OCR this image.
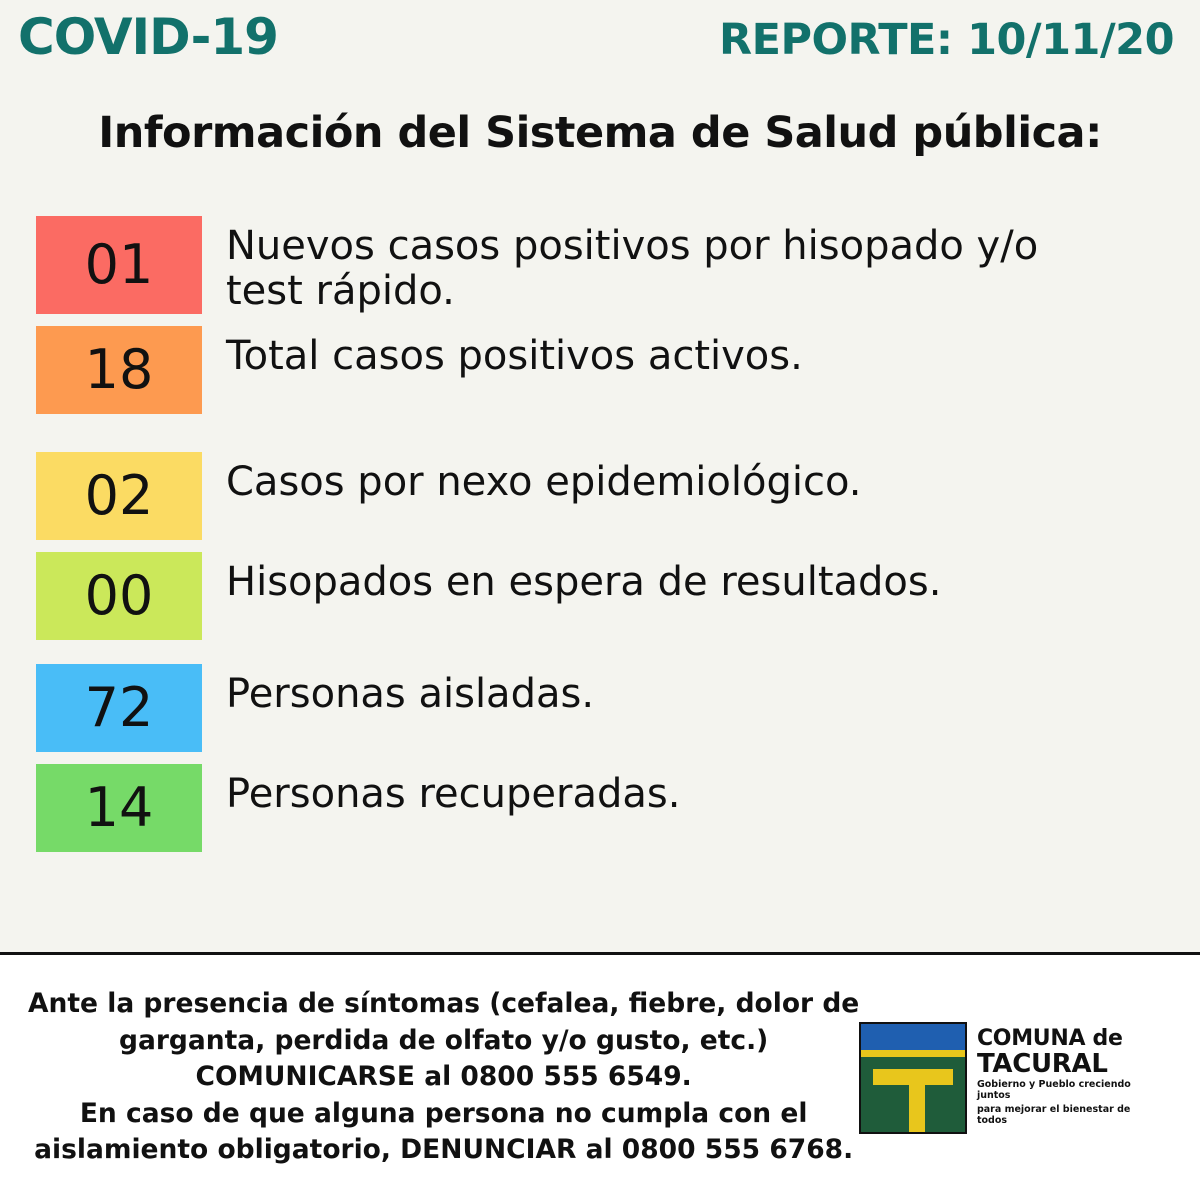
COVID-19	REPORTE: 10/11/20
Información del Sistema de Salud pública:
01	Nuevos casos positivos por hisopado y/o test rápido.
18	Total casos positivos activos.
02	Casos por nexo epidemiológico.
00	Hisopados en espera de resultados.
72	Personas aisladas.
14	Personas recuperadas.
Ante la presencia de síntomas (cefalea, fiebre, dolor de
garganta, perdida de olfato y/o gusto, etc.)
COMUNICARSE al 0800 555 6549.
En caso de que alguna persona no cumpla con el
aislamiento obligatorio, DENUNCIAR al 0800 555 6768.
COMUNA de
TACURAL
Gobierno y Pueblo creciendo juntos
para mejorar el bienestar de todos
